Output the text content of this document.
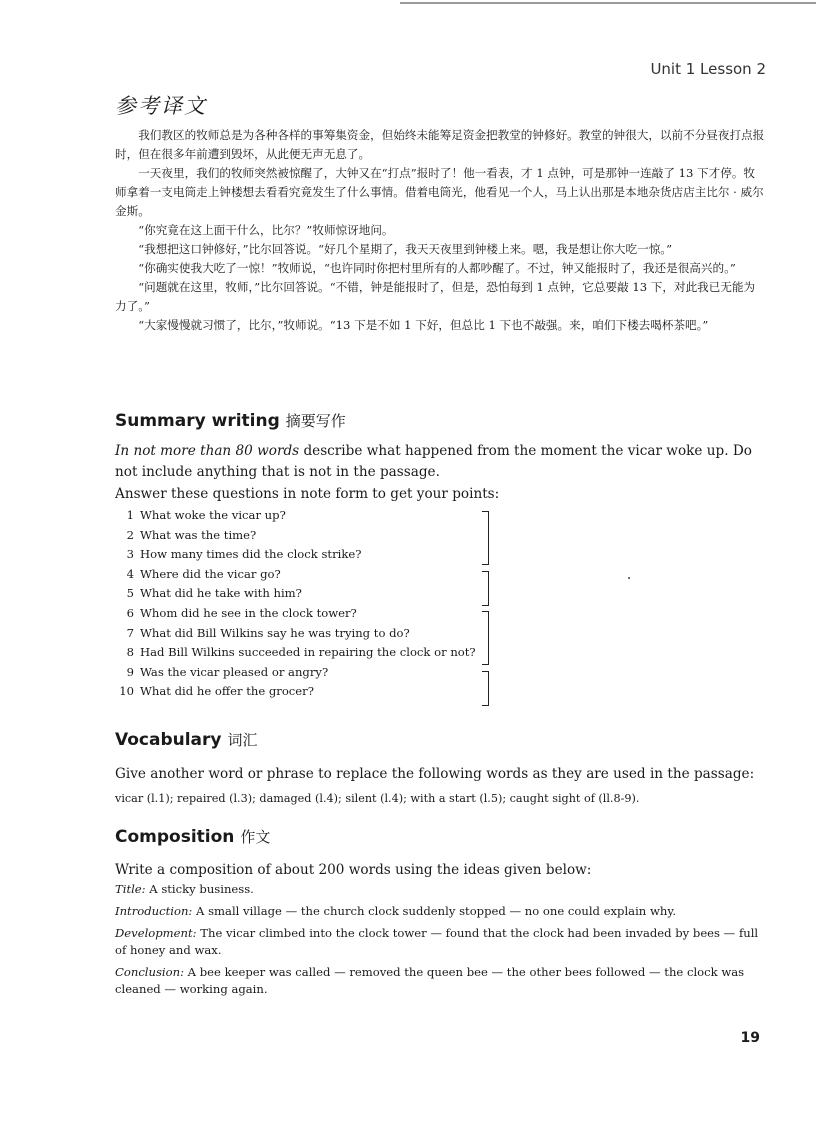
Unit 1 Lesson 2
参考译文

我们教区的牧师总是为各种各样的事筹集资金，但始终未能筹足资金把教堂的钟修好。教堂的钟很大，以前不分昼夜打点报时，但在很多年前遭到毁坏，从此便无声无息了。

一天夜里，我们的牧师突然被惊醒了，大钟又在“打点”报时了！他一看表，才 1 点钟，可是那钟一连敲了 13 下才停。牧师拿着一支电筒走上钟楼想去看看究竟发生了什么事情。借着电筒光，他看见一个人，马上认出那是本地杂货店店主比尔 · 威尔金斯。

“你究竟在这上面干什么，比尔？”牧师惊讶地问。

“我想把这口钟修好，”比尔回答说。“好几个星期了，我天天夜里到钟楼上来。嗯，我是想让你大吃一惊。”

“你确实使我大吃了一惊！”牧师说，“也许同时你把村里所有的人都吵醒了。不过，钟又能报时了，我还是很高兴的。”

“问题就在这里，牧师，”比尔回答说。“不错，钟是能报时了，但是，恐怕每到 1 点钟，它总要敲 13 下，对此我已无能为力了。”

“大家慢慢就习惯了，比尔，”牧师说。“13 下是不如 1 下好，但总比 1 下也不敲强。来，咱们下楼去喝杯茶吧。”

Summary writing 摘要写作
In not more than 80 words describe what happened from the moment the vicar woke up. Do not include anything that is not in the passage.
Answer these questions in note form to get your points:
1 What woke the vicar up?
2 What was the time?
3 How many times did the clock strike?
4 Where did the vicar go?
5 What did he take with him?
6 Whom did he see in the clock tower?
7 What did Bill Wilkins say he was trying to do?
8 Had Bill Wilkins succeeded in repairing the clock or not?
9 Was the vicar pleased or angry?
10 What did he offer the grocer?
Vocabulary 词汇
Give another word or phrase to replace the following words as they are used in the passage: vicar (l.1); repaired (l.3); damaged (l.4); silent (l.4); with a start (l.5); caught sight of (ll.8-9).
Composition 作文
Write a composition of about 200 words using the ideas given below:
Title: A sticky business.
Introduction: A small village — the church clock suddenly stopped — no one could explain why.
Development: The vicar climbed into the clock tower — found that the clock had been invaded by bees — full of honey and wax.
Conclusion: A bee keeper was called — removed the queen bee — the other bees followed — the clock was cleaned — working again.
19
